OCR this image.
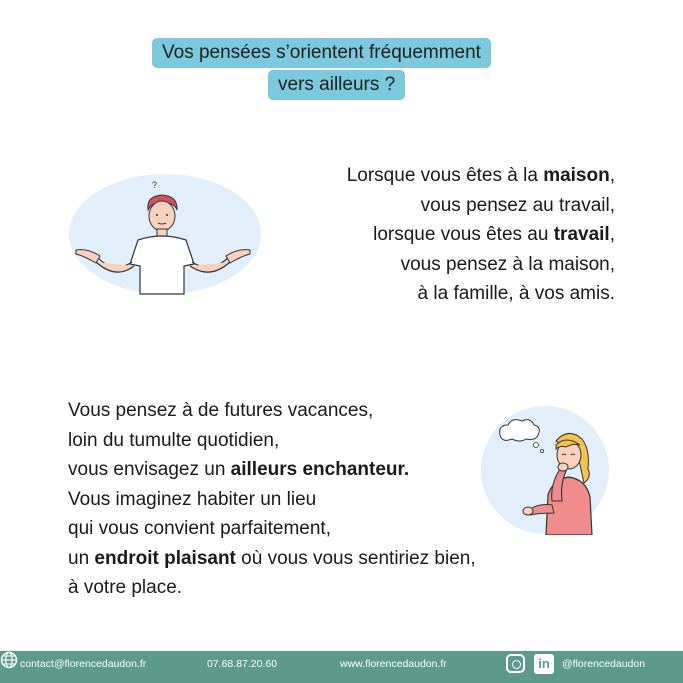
Vos pensées s’orientent fréquemment
vers ailleurs ?
?	Lorsque vous êtes à la maison,
vous pensez au travail,
lorsque vous êtes au travail,
vous pensez à la maison,
à la famille, à vos amis.
Vous pensez à de futures vacances,
loin du tumulte quotidien,
vous envisagez un ailleurs enchanteur.
Vous imaginez habiter un lieu
qui vous convient parfaitement,
un endroit plaisant où vous vous sentiriez bien,
à votre place.
contact@florencedaudon.fr	07.68.87.20.60	www.florencedaudon.fr	in	@florencedaudon
